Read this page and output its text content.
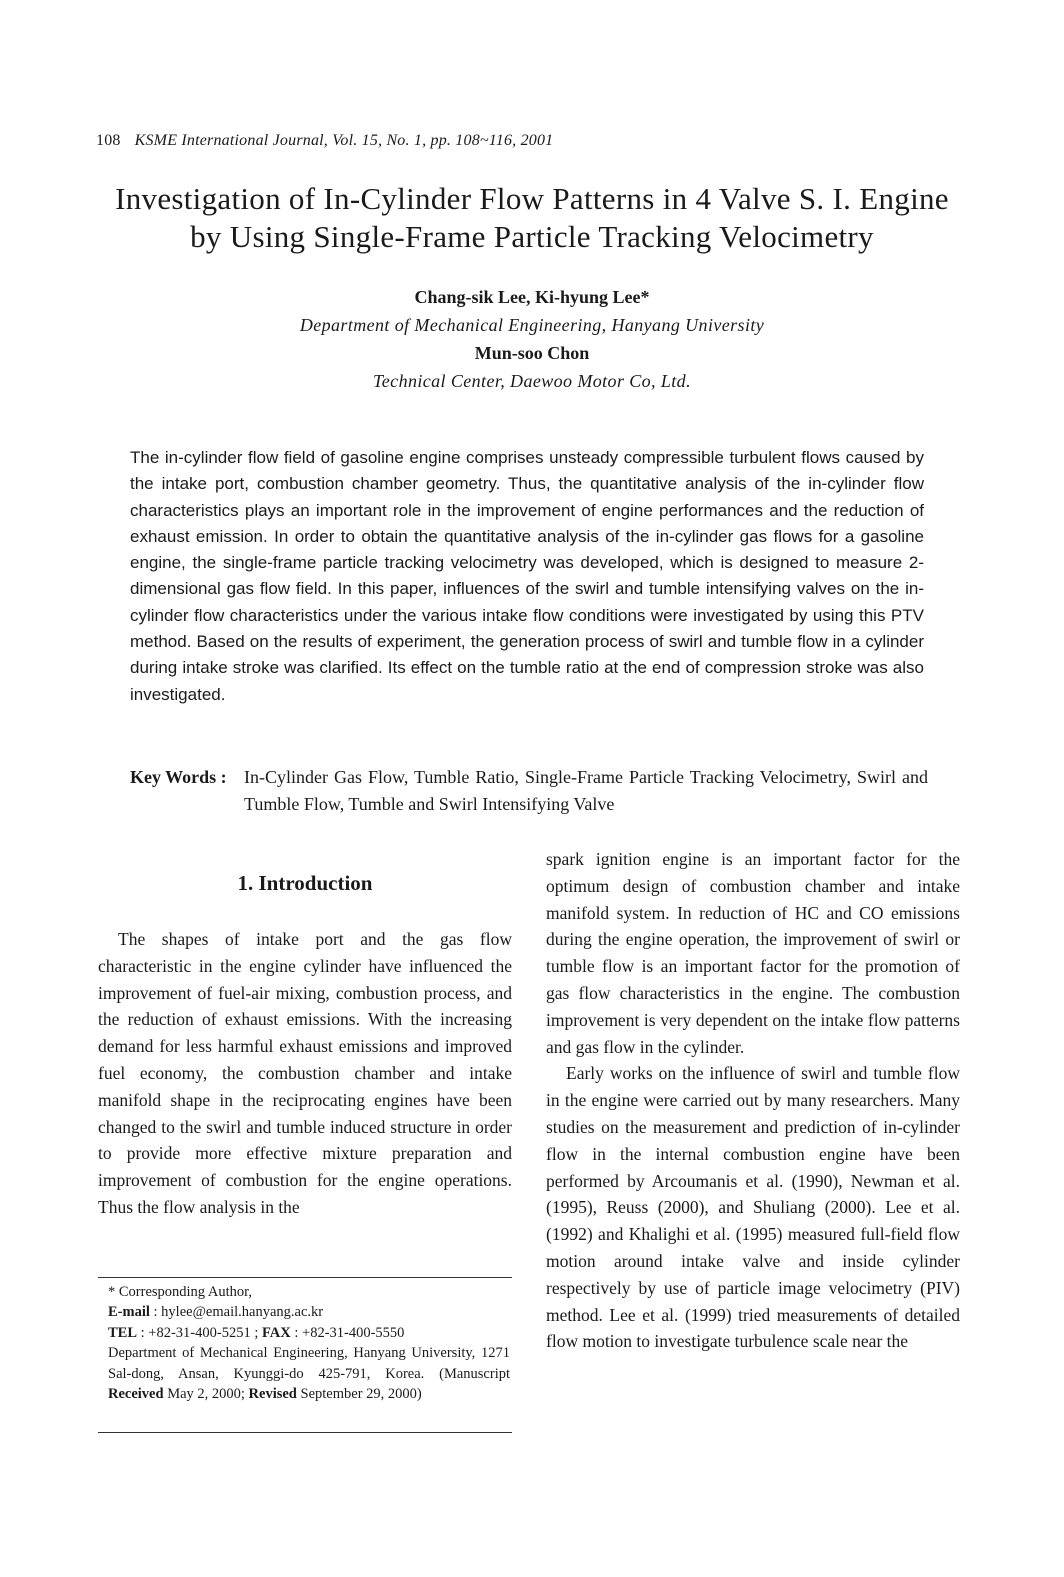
108 KSME International Journal, Vol. 15, No. 1, pp. 108~116, 2001
Investigation of In-Cylinder Flow Patterns in 4 Valve S. I. Engine
by Using Single-Frame Particle Tracking Velocimetry
Chang-sik Lee, Ki-hyung Lee*
Department of Mechanical Engineering, Hanyang University
Mun-soo Chon
Technical Center, Daewoo Motor Co, Ltd.

The in-cylinder flow field of gasoline engine comprises unsteady compressible turbulent flows caused by the intake port, combustion chamber geometry. Thus, the quantitative analysis of the in-cylinder flow characteristics plays an important role in the improvement of engine performances and the reduction of exhaust emission. In order to obtain the quantitative analysis of the in-cylinder gas flows for a gasoline engine, the single-frame particle tracking velocimetry was developed, which is designed to measure 2-dimensional gas flow field. In this paper, influences of the swirl and tumble intensifying valves on the in-cylinder flow characteristics under the various intake flow conditions were investigated by using this PTV method. Based on the results of experiment, the generation process of swirl and tumble flow in a cylinder during intake stroke was clarified. Its effect on the tumble ratio at the end of compression stroke was also investigated.

Key Words : In-Cylinder Gas Flow, Tumble Ratio, Single-Frame Particle Tracking Velocimetry, Swirl and Tumble Flow, Tumble and Swirl Intensifying Valve
1. Introduction

The shapes of intake port and the gas flow characteristic in the engine cylinder have influenced the improvement of fuel-air mixing, combustion process, and the reduction of exhaust emissions. With the increasing demand for less harmful exhaust emissions and improved fuel economy, the combustion chamber and intake manifold shape in the reciprocating engines have been changed to the swirl and tumble induced structure in order to provide more effective mixture preparation and improvement of combustion for the engine operations. Thus the flow analysis in the

spark ignition engine is an important factor for the optimum design of combustion chamber and intake manifold system. In reduction of HC and CO emissions during the engine operation, the improvement of swirl or tumble flow is an important factor for the promotion of gas flow characteristics in the engine. The combustion improvement is very dependent on the intake flow patterns and gas flow in the cylinder.

Early works on the influence of swirl and tumble flow in the engine were carried out by many researchers. Many studies on the measurement and prediction of in-cylinder flow in the internal combustion engine have been performed by Arcoumanis et al. (1990), Newman et al. (1995), Reuss (2000), and Shuliang (2000). Lee et al. (1992) and Khalighi et al. (1995) measured full-field flow motion around intake valve and inside cylinder respectively by use of particle image velocimetry (PIV) method. Lee et al. (1999) tried measurements of detailed flow motion to investigate turbulence scale near the

* Corresponding Author,

E-mail : hylee@email.hanyang.ac.kr

TEL : +82-31-400-5251 ; FAX : +82-31-400-5550

Department of Mechanical Engineering, Hanyang University, 1271 Sal-dong, Ansan, Kyunggi-do 425-791, Korea. (Manuscript Received May 2, 2000; Revised September 29, 2000)
